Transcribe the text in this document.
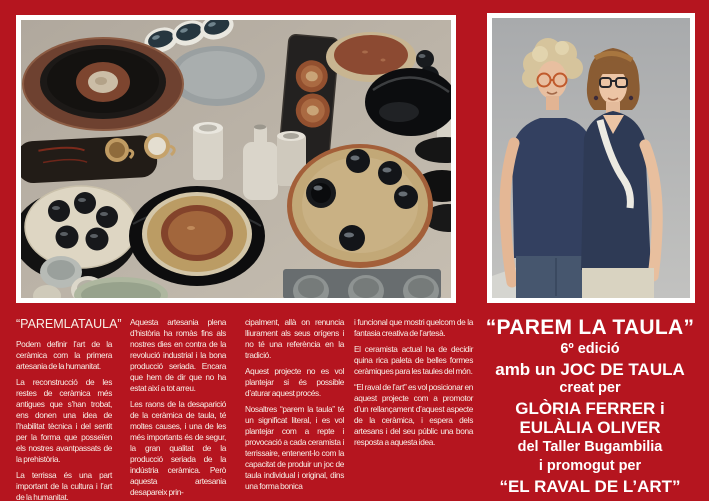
“PAREMLATAULA”

Podem definir l’art de la ceràmica com la primera artesania de la humanitat.

La reconstrucció de les restes de ceràmica més antigues que s’han trobat, ens donen una idea de l’habilitat tècnica i del sentit per la forma que posseïen els nostres avantpassats de la prehistòria.

La terrissa és una part important de la cultura i l’art de la humanitat.

Aquesta artesania plena d’història ha romàs fins als nostres dies en contra de la revolució industrial i la bona producció seriada. Encara que hem de dir que no ha estat així a tot arreu.

Les raons de la desaparició de la ceràmica de taula, té moltes causes, i una de les més importants és de segur, la gran qualitat de la producció seriada de la indústria ceràmica. Però aquesta artesania desapareix prin-

cipalment, allà on renuncia lliurament als seus orígens i no té una referència en la tradició.

Aquest projecte no es vol plantejar si és possible d’aturar aquest procés.

Nosaltres “parem la taula” té un significat literal, i es vol plantejar com a repte i provocació a cada ceramista i terrissaire, entenent-lo com la capacitat de produir un joc de taula individual i original, dins una forma bonica

i funcional que mostri quelcom de la fantasia creativa de l’artesà.

El ceramista actual ha de decidir quina rica paleta de belles formes ceràmiques para les taules del món.

“El raval de l’art” es vol posicionar en aquest projecte com a promotor d’un rellançament d’aquest aspecte de la ceràmica, i espera dels artesans i del seu públic una bona resposta a aquesta idea.

“PAREM LA TAULA”
6º edició
amb un JOC DE TAULA
creat per
GLÒRIA FERRER i
EULÀLIA OLIVER
del Taller Bugambilia
i promogut per
“EL RAVAL DE L’ART”
